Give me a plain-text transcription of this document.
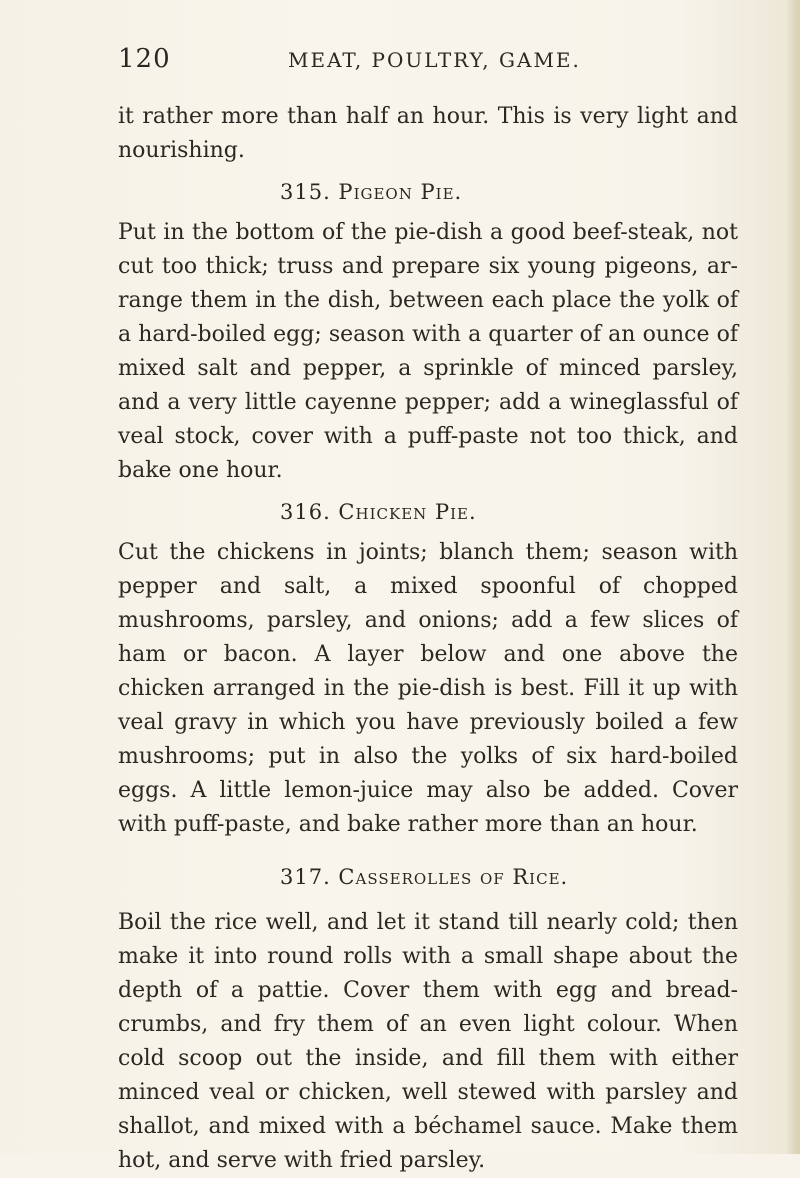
120	MEAT, POULTRY, GAME.

it rather more than half an hour. This is very light and nourishing.

315. Pigeon Pie.

Put in the bottom of the pie-dish a good beef-steak, not cut too thick; truss and prepare six young pigeons, ar-range them in the dish, between each place the yolk of a hard-boiled egg; season with a quarter of an ounce of mixed salt and pepper, a sprinkle of minced parsley, and a very little cayenne pepper; add a wineglassful of veal stock, cover with a puff-paste not too thick, and bake one hour.

316. Chicken Pie.

Cut the chickens in joints; blanch them; season with pepper and salt, a mixed spoonful of chopped mushrooms, parsley, and onions; add a few slices of ham or bacon. A layer below and one above the chicken arranged in the pie-dish is best. Fill it up with veal gravy in which you have previously boiled a few mushrooms; put in also the yolks of six hard-boiled eggs. A little lemon-juice may also be added. Cover with puff-paste, and bake rather more than an hour.

317. Casserolles of Rice.

Boil the rice well, and let it stand till nearly cold; then make it into round rolls with a small shape about the depth of a pattie. Cover them with egg and bread-crumbs, and fry them of an even light colour. When cold scoop out the inside, and fill them with either minced veal or chicken, well stewed with parsley and shallot, and mixed with a béchamel sauce. Make them hot, and serve with fried parsley.
